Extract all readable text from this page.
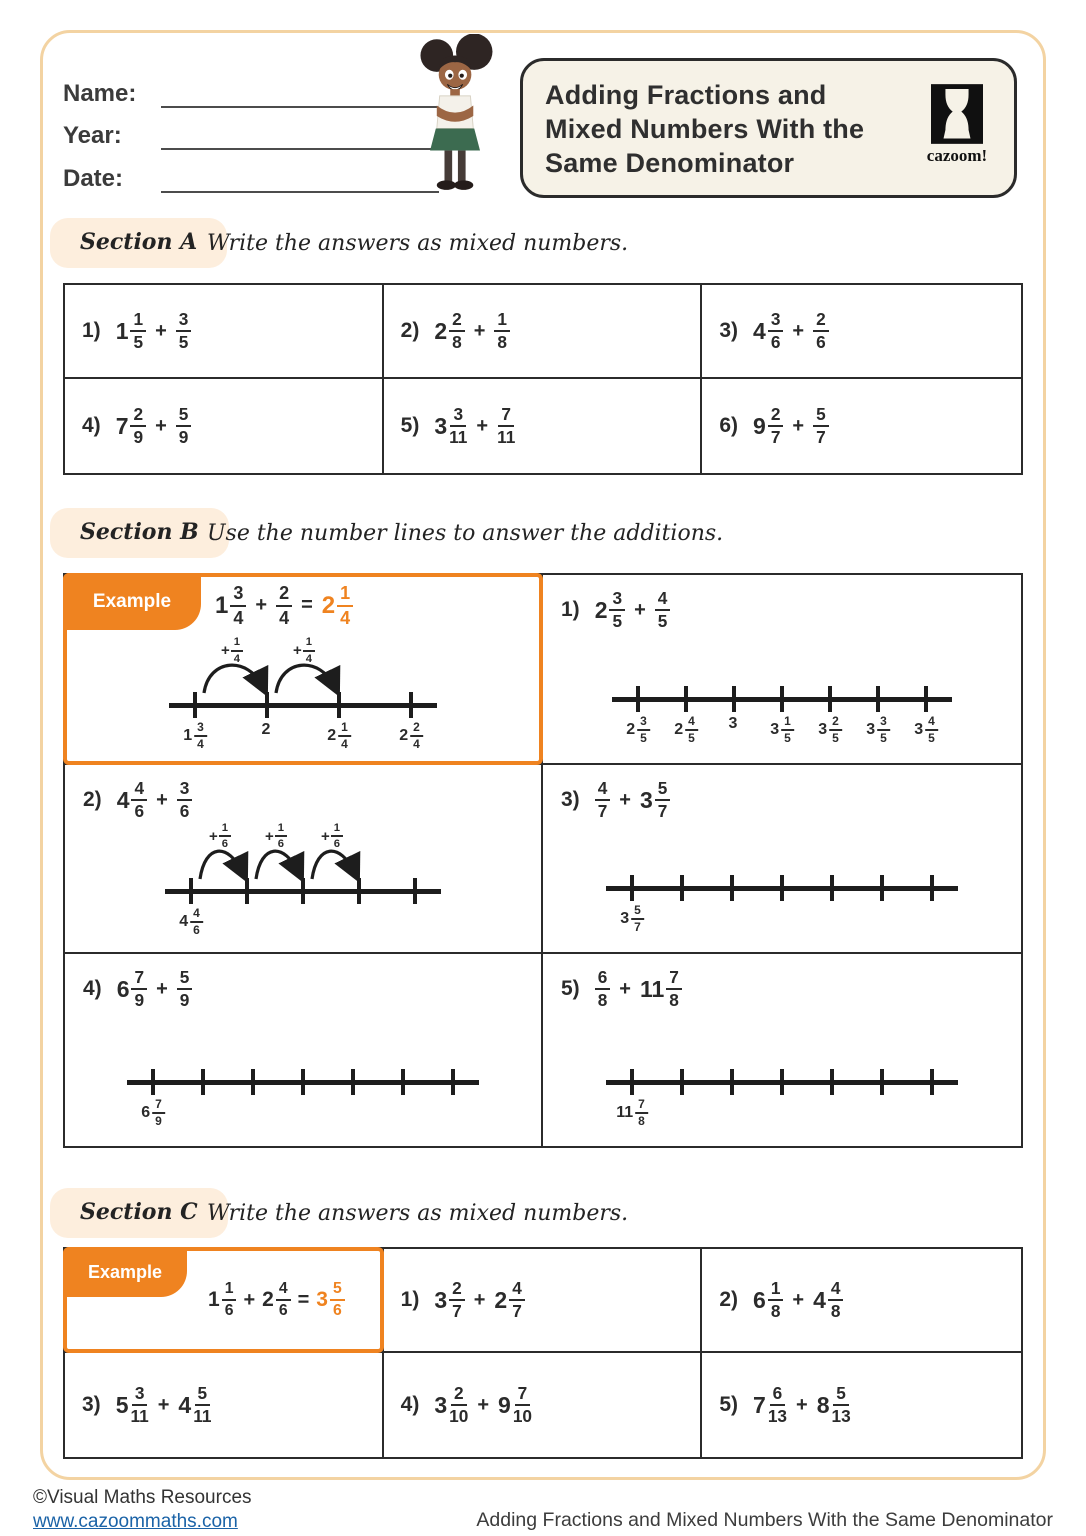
Name:
Year:
Date:
Adding Fractions and Mixed Numbers With the Same Denominator	cazoom!
Section A Write the answers as mixed numbers.
1) $1 \frac{1}{5} + \frac{3}{5}$	2) $2 \frac{2}{8} + \frac{1}{8}$	3) $4 \frac{3}{6} + \frac{2}{6}$
4) $7 \frac{2}{9} + \frac{5}{9}$	5) $3 \frac{3}{11} + \frac{7}{11}$	6) $9 \frac{2}{7} + \frac{5}{7}$
Section B Use the number lines to answer the additions.
Example $1 \frac{3}{4} + \frac{2}{4} = 2 \frac{1}{4}$
+ $\frac{1}{4}$	+ $\frac{1}{4}$
$1 \frac{3}{4}$	2	$2 \frac{1}{4}$	$2 \frac{2}{4}$
1) $2 \frac{3}{5} + \frac{4}{5}$
$2 \frac{3}{5} 2 \frac{4}{5} 3$ $3 \frac{1}{5} 3 \frac{2}{5} 3 \frac{3}{5} 3 \frac{4}{5}$
2) $4 \frac{4}{6} + \frac{3}{6}$
+ $\frac{1}{6} + \frac{1}{6} + \frac{1}{6}$
$4 \frac{4}{6}$
$3) \frac{4}{7} + 3 \frac{5}{7}$
$3 \frac{5}{7}$
4) $6 \frac{7}{9} + \frac{5}{9}$
$6 \frac{7}{9}$
$5) \frac{6}{8} + 11 \frac{7}{8}$
$11 \frac{7}{8}$
Section C Write the answers as mixed numbers.
Example
$1 \frac{1}{6} + 2 \frac{4}{6} = 3 \frac{5}{6}$	1) $3 \frac{2}{7} + 2 \frac{4}{7}$	2) $6 \frac{1}{8} + 4 \frac{4}{8}$
3) $5 \frac{3}{11} + 4 \frac{5}{11}$	4) $3 \frac{2}{10} + 9 \frac{7}{10}$	5) $7 \frac{6}{13} + 8 \frac{5}{13}$
©Visual Maths Resources
www.cazoommaths.com	Adding Fractions and Mixed Numbers With the Same Denominator
